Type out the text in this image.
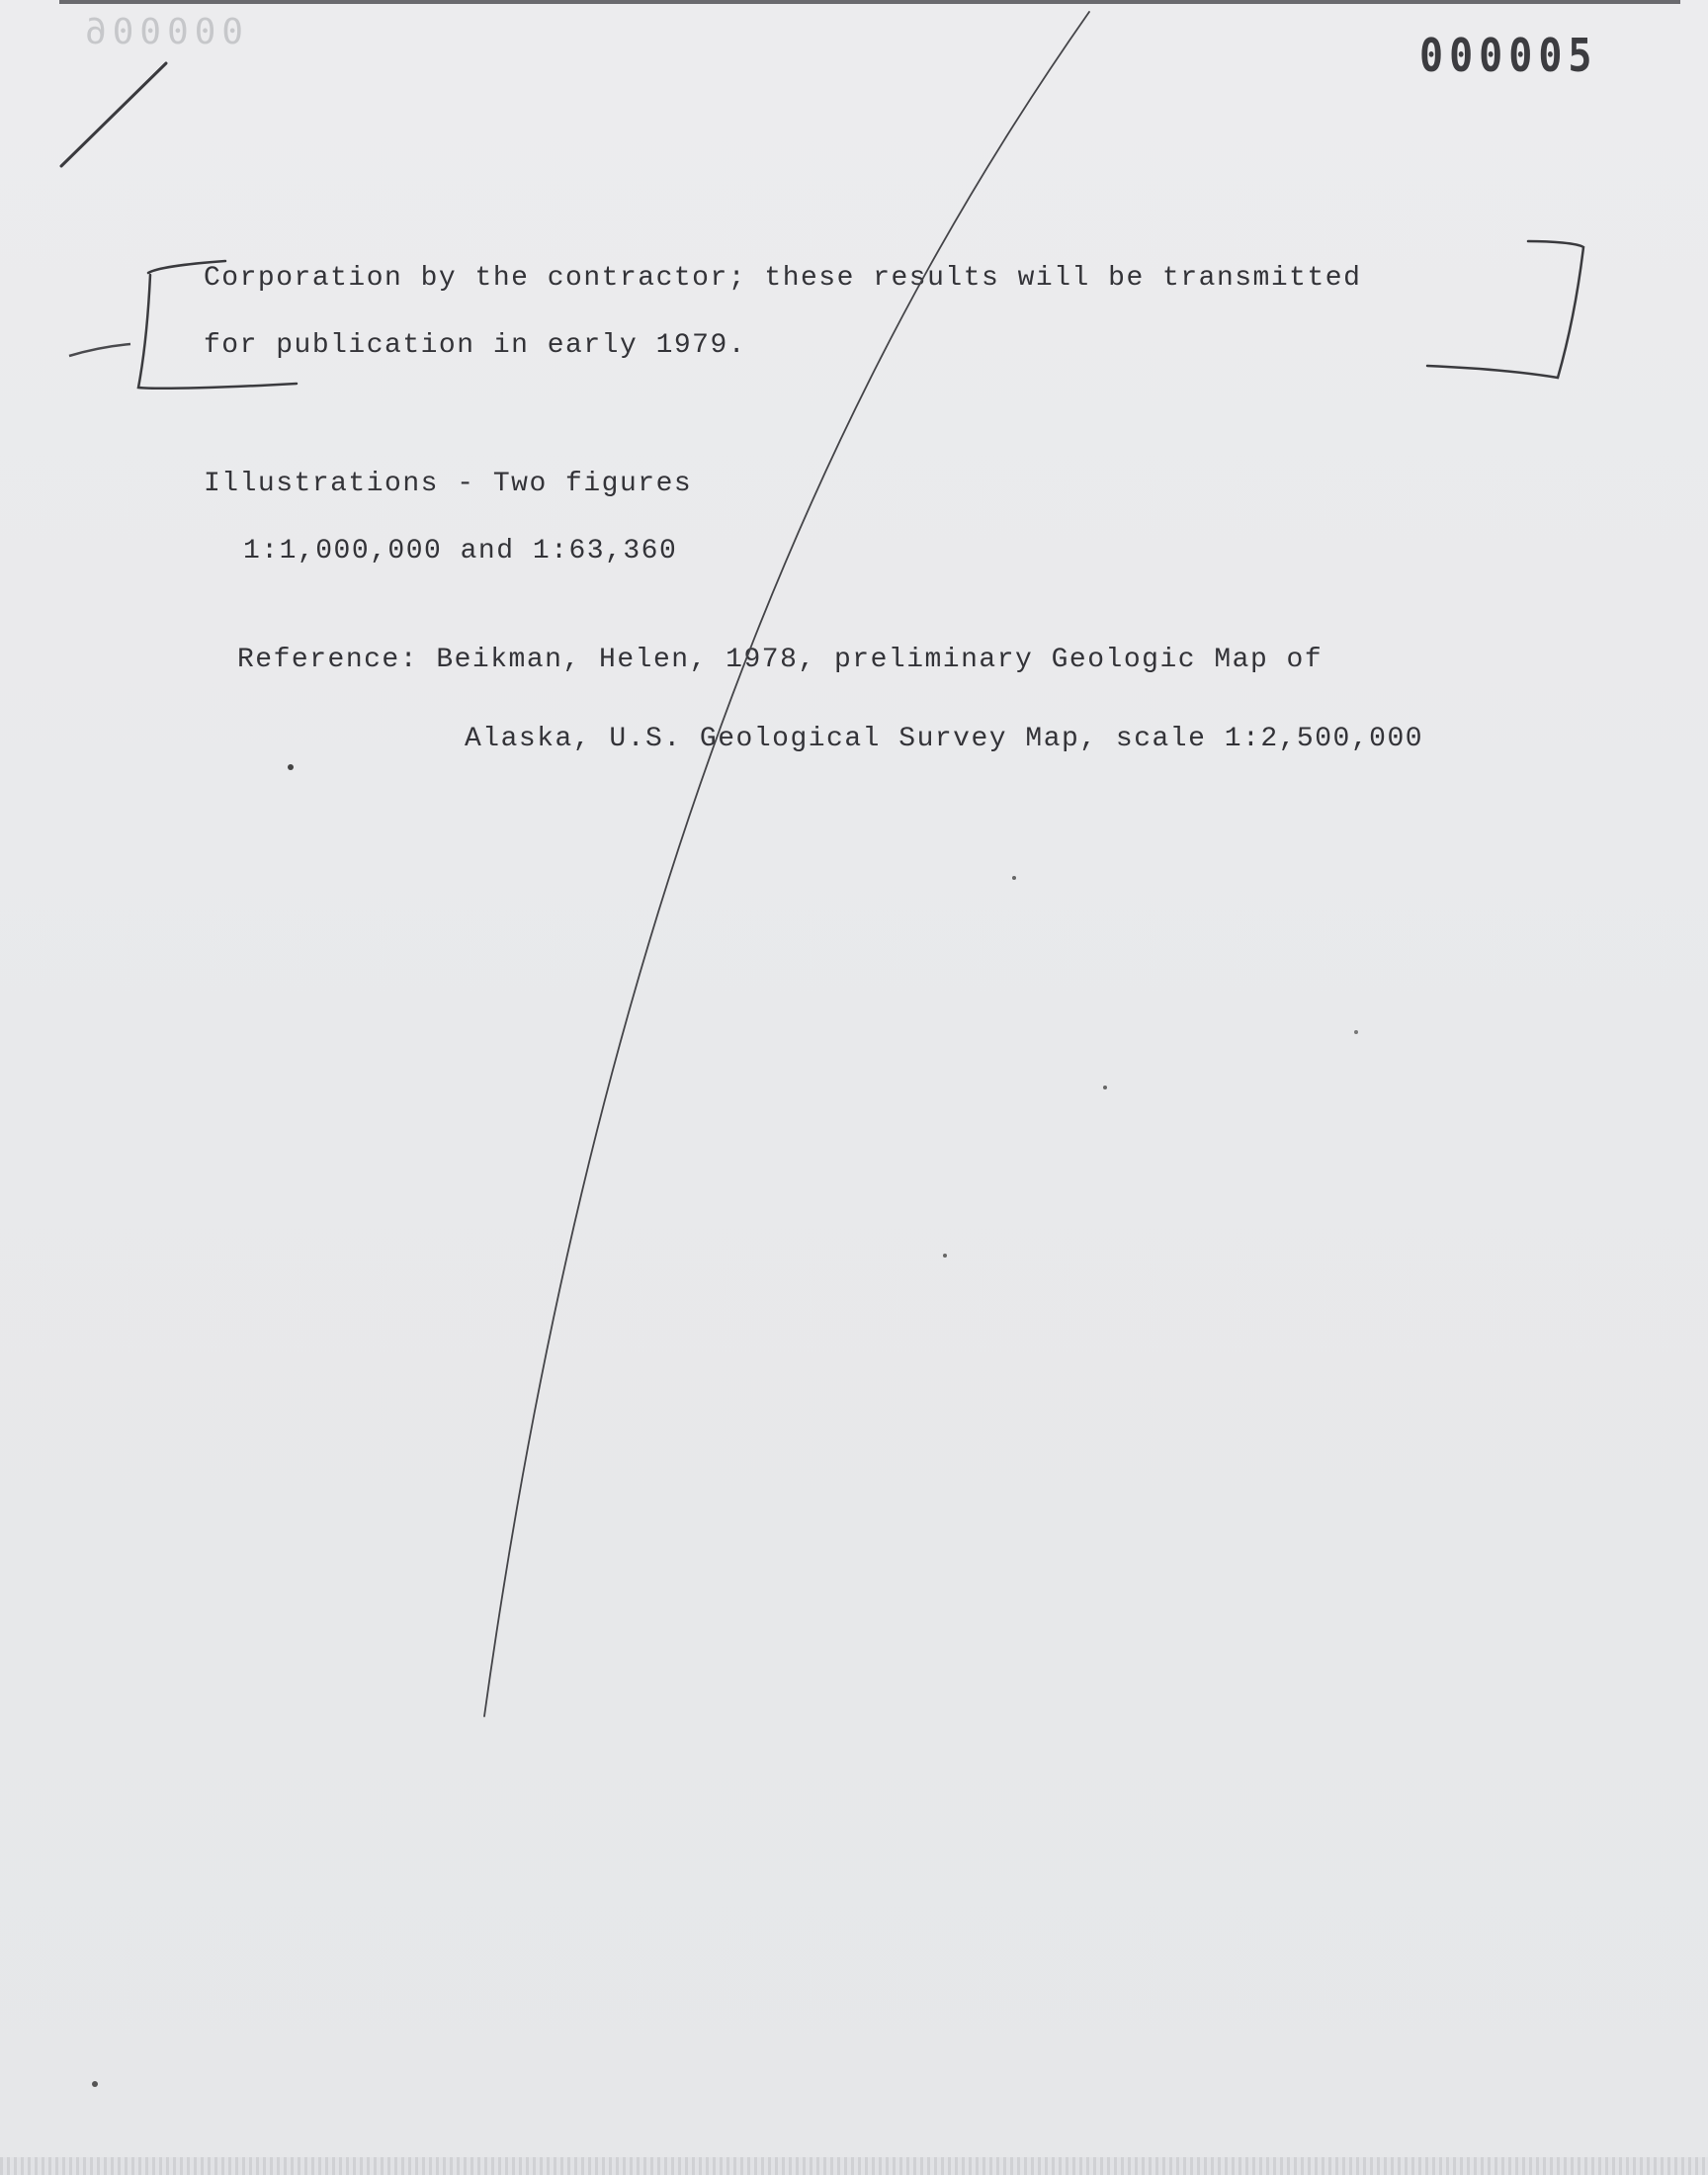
000006	000005
Corporation by the contractor; these results will be transmitted
for publication in early 1979.
Illustrations - Two figures
1:1,000,000 and 1:63,360
Reference: Beikman, Helen, 1978, preliminary Geologic Map of
Alaska, U.S. Geological Survey Map, scale 1:2,500,000
